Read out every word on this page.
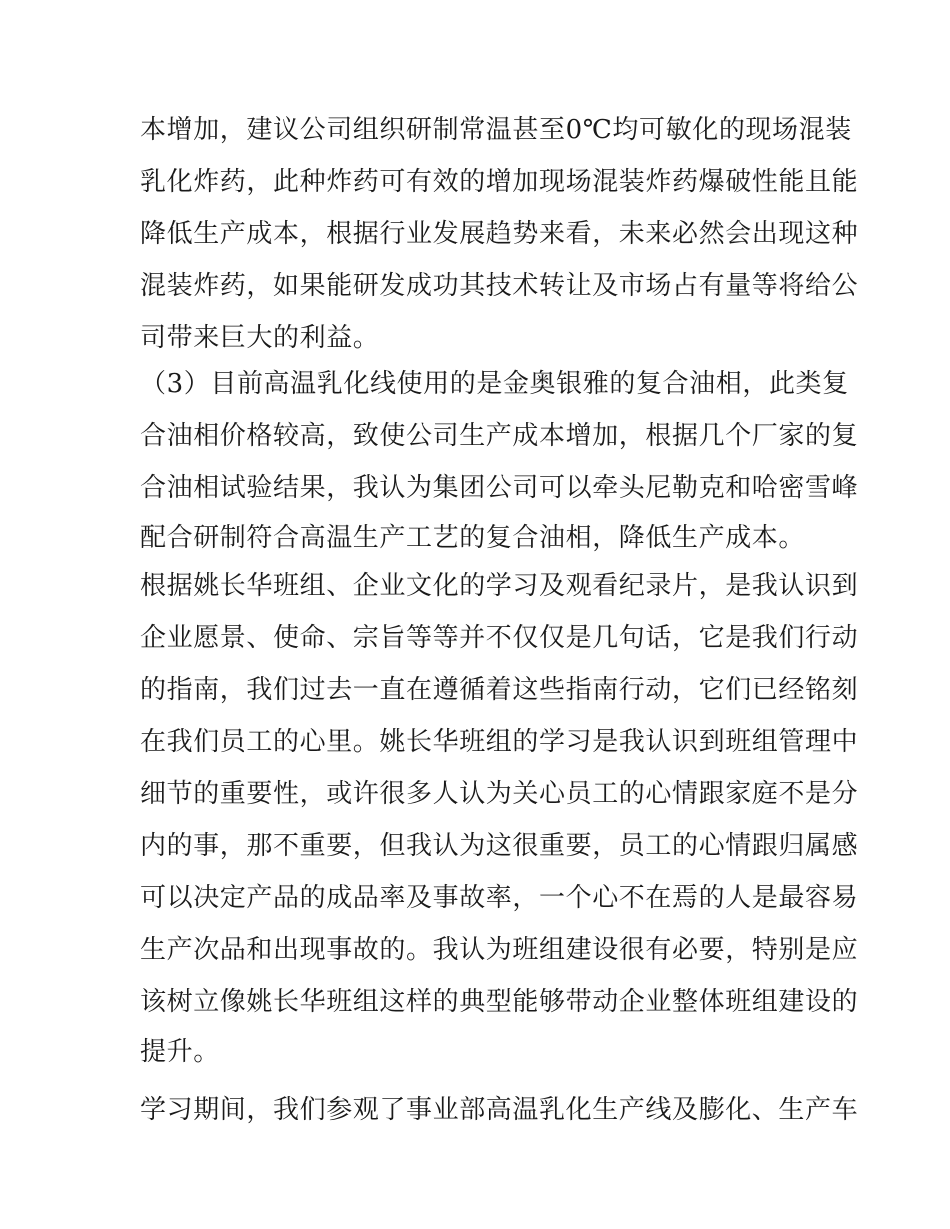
本增加，建议公司组织研制常温甚至0℃均可敏化的现场混装
乳化炸药，此种炸药可有效的增加现场混装炸药爆破性能且能
降低生产成本，根据行业发展趋势来看，未来必然会出现这种
混装炸药，如果能研发成功其技术转让及市场占有量等将给公
司带来巨大的利益。
（3）目前高温乳化线使用的是金奥银雅的复合油相，此类复
合油相价格较高，致使公司生产成本增加，根据几个厂家的复
合油相试验结果，我认为集团公司可以牵头尼勒克和哈密雪峰
配合研制符合高温生产工艺的复合油相，降低生产成本。
根据姚长华班组、企业文化的学习及观看纪录片，是我认识到
企业愿景、使命、宗旨等等并不仅仅是几句话，它是我们行动
的指南，我们过去一直在遵循着这些指南行动，它们已经铭刻
在我们员工的心里。姚长华班组的学习是我认识到班组管理中
细节的重要性，或许很多人认为关心员工的心情跟家庭不是分
内的事，那不重要，但我认为这很重要，员工的心情跟归属感
可以决定产品的成品率及事故率，一个心不在焉的人是最容易
生产次品和出现事故的。我认为班组建设很有必要，特别是应
该树立像姚长华班组这样的典型能够带动企业整体班组建设的
提升。
学习期间，我们参观了事业部高温乳化生产线及膨化、生产车
